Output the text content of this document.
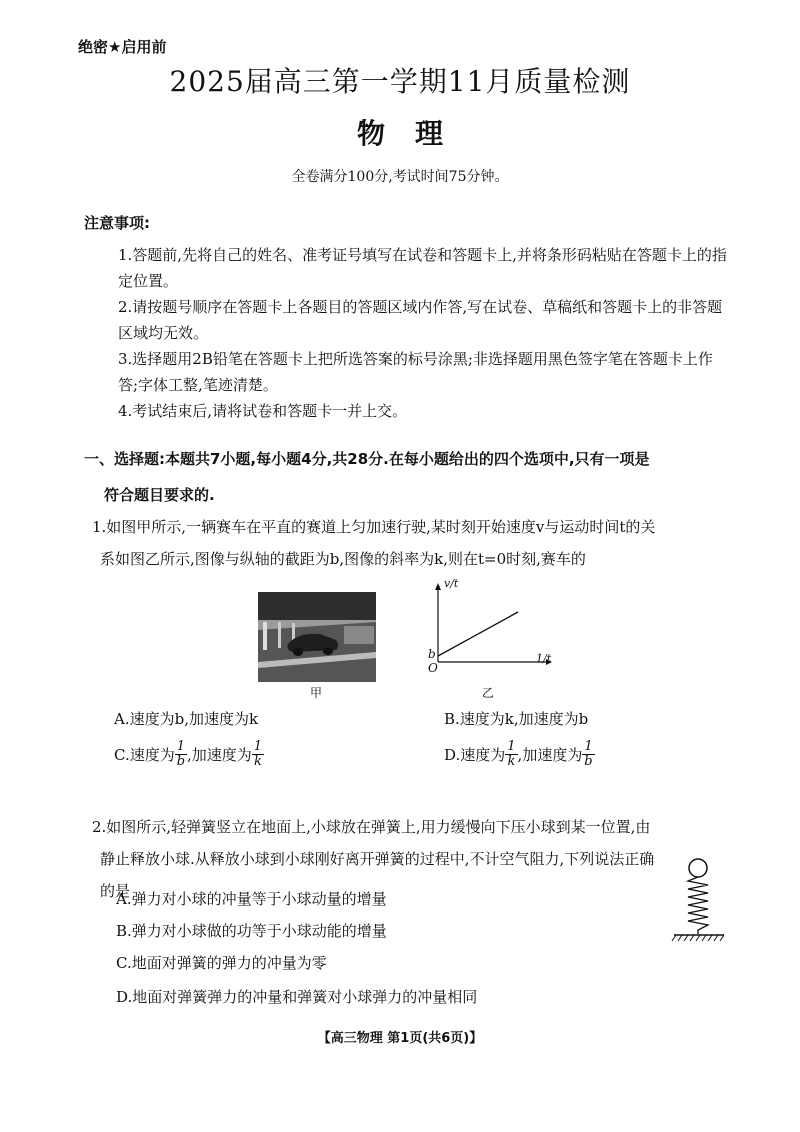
绝密★启用前
2025届高三第一学期11月质量检测
物理
全卷满分100分,考试时间75分钟。
注意事项:
1.答题前,先将自己的姓名、准考证号填写在试卷和答题卡上,并将条形码粘贴在答题卡上的指定位置。
2.请按题号顺序在答题卡上各题目的答题区域内作答,写在试卷、草稿纸和答题卡上的非答题区域均无效。
3.选择题用2B铅笔在答题卡上把所选答案的标号涂黑;非选择题用黑色签字笔在答题卡上作答;字体工整,笔迹清楚。
4.考试结束后,请将试卷和答题卡一并上交。
一、选择题:本题共7小题,每小题4分,共28分.在每小题给出的四个选项中,只有一项是
符合题目要求的.
1.如图甲所示,一辆赛车在平直的赛道上匀加速行驶,某时刻开始速度v与运动时间t的关
系如图乙所示,图像与纵轴的截距为b,图像的斜率为k,则在t=0时刻,赛车的
甲
v/t
1/t
b
O
乙
A.速度为b,加速度为k	B.速度为k,加速度为b
C.速度为 $\frac{1}{b}$ ,加速度为 $\frac{1}{k}$	D.速度为 $\frac{1}{k}$ ,加速度为 $\frac{1}{b}$
2.如图所示,轻弹簧竖立在地面上,小球放在弹簧上,用力缓慢向下压小球到某一位置,由
静止释放小球.从释放小球到小球刚好离开弹簧的过程中,不计空气阻力,下列说法正确
的是
A.弹力对小球的冲量等于小球动量的增量
B.弹力对小球做的功等于小球动能的增量
C.地面对弹簧的弹力的冲量为零
D.地面对弹簧弹力的冲量和弹簧对小球弹力的冲量相同
【高三物理 第1页(共6页)】
